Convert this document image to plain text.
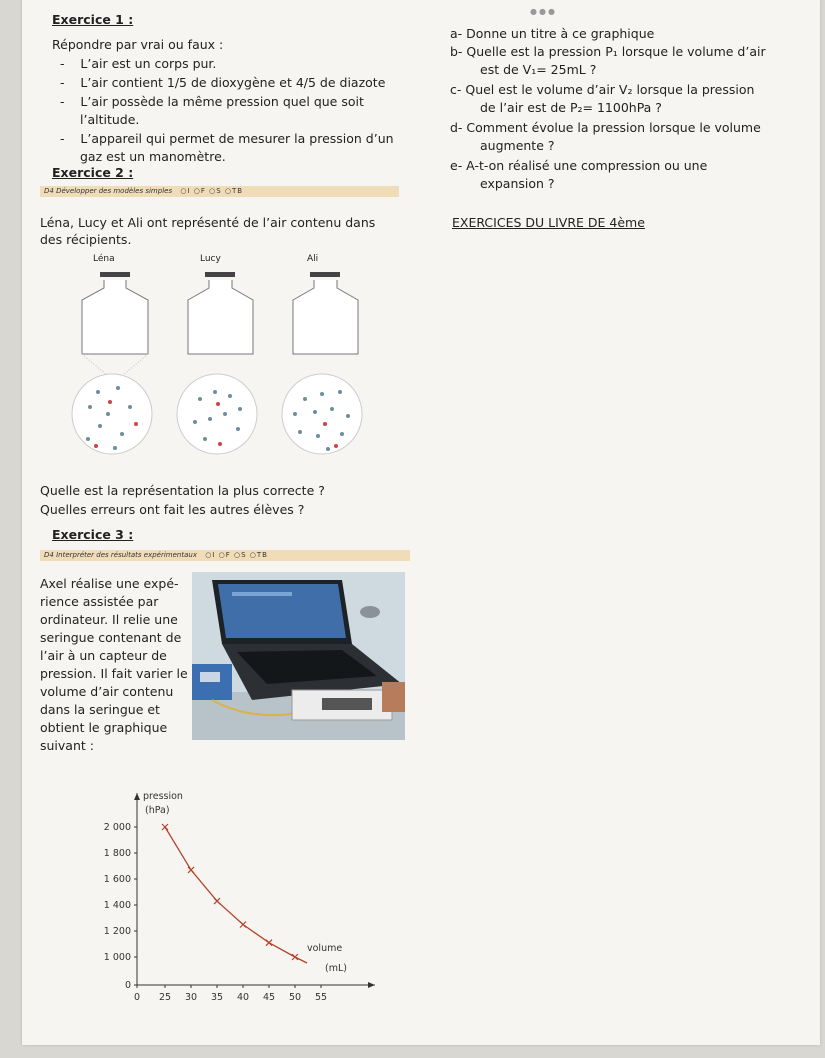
●●●
Exercice 1 :
Répondre par vrai ou faux :
-    L’air est un corps pur.
-    L’air contient 1/5 de dioxygène et 4/5 de diazote
-    L’air possède la même pression quel que soit
l’altitude.
-    L’appareil qui permet de mesurer la pression d’un
gaz est un manomètre.
a- Donne un titre à ce graphique
b- Quelle est la pression P₁ lorsque le volume d’air
est de V₁= 25mL ?
c- Quel est le volume d’air V₂ lorsque la pression
de l’air est de P₂= 1100hPa ?
d- Comment évolue la pression lorsque le volume
augmente ?
e- A-t-on réalisé une compression ou une
expansion ?
EXERCICES DU LIVRE DE 4ème
Exercice 2 :
D4 Développer des modèles simples ○I ○F ○S ○TB
Léna, Lucy et Ali ont représenté de l’air contenu dans
des récipients.
Léna	Lucy	Ali
Quelle est la représentation la plus correcte ?
Quelles erreurs ont fait les autres élèves ?
Exercice 3 :
D4 Interpréter des résultats expérimentaux ○I ○F ○S ○TB
Axel réalise une expé-
rience assistée par
ordinateur. Il relie une
seringue contenant de
l’air à un capteur de
pression. Il fait varier le
volume d’air contenu
dans la seringue et
obtient le graphique
suivant :
0 25 30 35 40 45 50 55
0
1 000
1 200
1 400
1 600
1 800
2 000
pression
(hPa)
volume
(mL)
